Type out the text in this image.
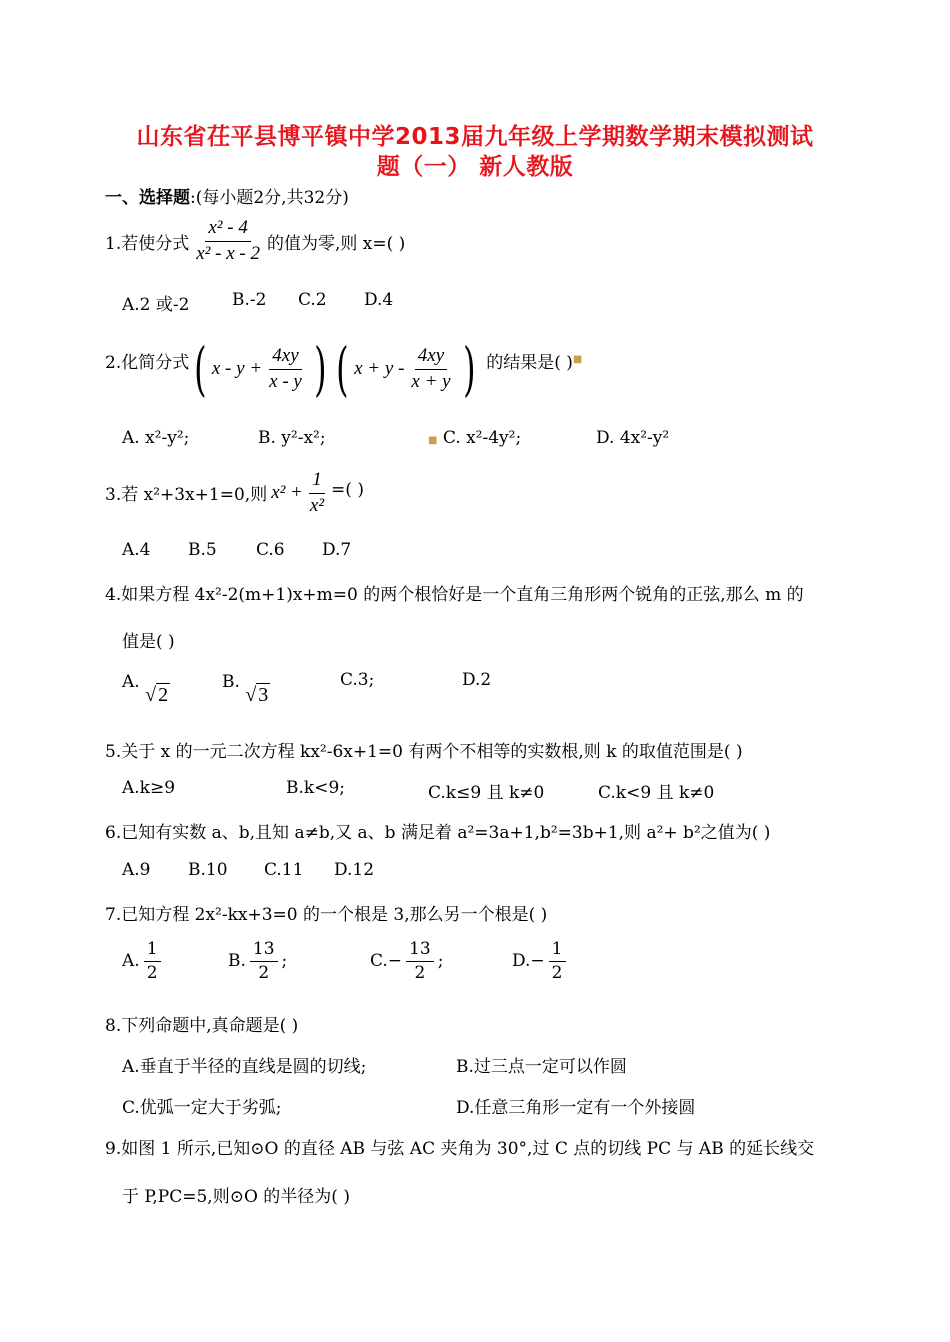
山东省茌平县博平镇中学2013届九年级上学期数学期末模拟测试
题（一） 新人教版
一、选择题:(每小题2分,共32分)
1.若使分式 $\frac{\text{x² - 4}}{\text{x² - x - 2}}$ 的值为零,则 x=( )
A.2 或-2	B.-2 C.2 D.4
2.化简分式 ( $x - y + \frac{4xy}{x - y}$ ) ( $x + y - \frac{4xy}{x + y}$ ) 的结果是( ) ■
A. x²-y²;	B. y²-x²;	■ C. x²-4y²;	D. 4x²-y²
3.若 x²+3x+1=0,则 $x^2 + \frac{1}{\text{x²}}$ =( )
A.4 B.5 C.6 D.7
4.如果方程 4x²-2(m+1)x+m=0 的两个根恰好是一个直角三角形两个锐角的正弦,那么 m 的
值是( )
A. √ 2
B. √ 3
C.3;	D.2
5.关于 x 的一元二次方程 kx²-6x+1=0 有两个不相等的实数根,则 k 的取值范围是( )
A.k≥9	B.k<9;	C.k≤9 且 k≠0	C.k<9 且 k≠0
6.已知有实数 a、b,且知 a≠b,又 a、b 满足着 a²=3a+1,b²=3b+1,则 a²+ b²之值为( )
A.9 B.10 C.11 D.12
7.已知方程 2x²-kx+3=0 的一个根是 3,那么另一个根是( )
A. $\frac{1}{2}$	B. $\frac{13}{2}$ ;	$C.- \frac{13}{2}$ ;	$D.- \frac{1}{2}$
8.下列命题中,真命题是( )
A.垂直于半径的直线是圆的切线;	B.过三点一定可以作圆
C.优弧一定大于劣弧;	D.任意三角形一定有一个外接圆
9.如图 1 所示,已知⊙O 的直径 AB 与弦 AC 夹角为 30°,过 C 点的切线 PC 与 AB 的延长线交
于 P,PC=5,则⊙O 的半径为( )
